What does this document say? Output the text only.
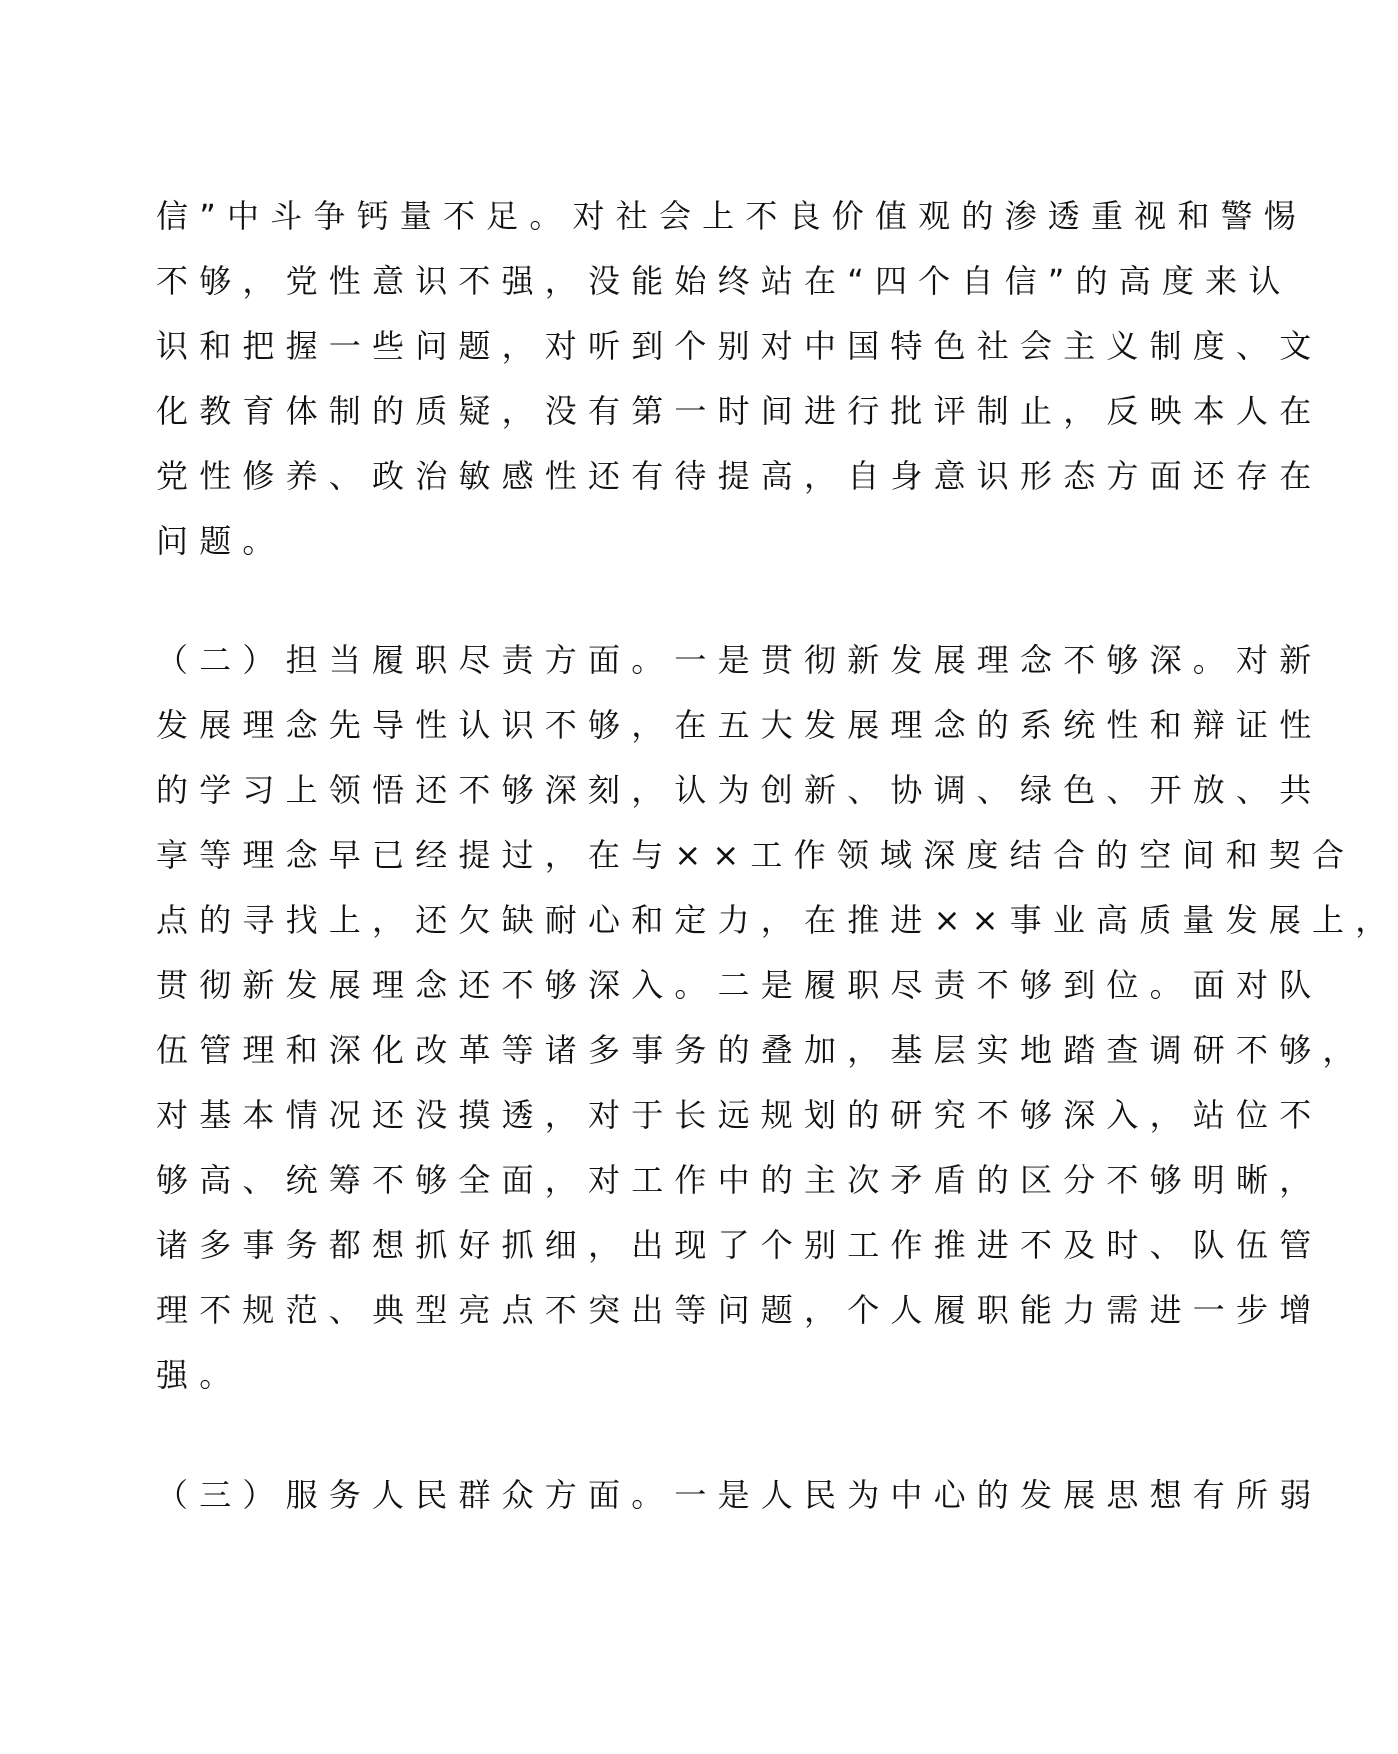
信”中斗争钙量不足。对社会上不良价值观的渗透重视和警惕
不够，党性意识不强，没能始终站在“四个自信”的高度来认
识和把握一些问题，对听到个别对中国特色社会主义制度、文
化教育体制的质疑，没有第一时间进行批评制止，反映本人在
党性修养、政治敏感性还有待提高，自身意识形态方面还存在
问题。
（二）担当履职尽责方面。一是贯彻新发展理念不够深。对新
发展理念先导性认识不够，在五大发展理念的系统性和辩证性
的学习上领悟还不够深刻，认为创新、协调、绿色、开放、共
享等理念早已经提过，在与××工作领域深度结合的空间和契合
点的寻找上，还欠缺耐心和定力，在推进××事业高质量发展上，
贯彻新发展理念还不够深入。二是履职尽责不够到位。面对队
伍管理和深化改革等诸多事务的叠加，基层实地踏查调研不够，
对基本情况还没摸透，对于长远规划的研究不够深入，站位不
够高、统筹不够全面，对工作中的主次矛盾的区分不够明晰，
诸多事务都想抓好抓细，出现了个别工作推进不及时、队伍管
理不规范、典型亮点不突出等问题，个人履职能力需进一步增
强。
（三）服务人民群众方面。一是人民为中心的发展思想有所弱
